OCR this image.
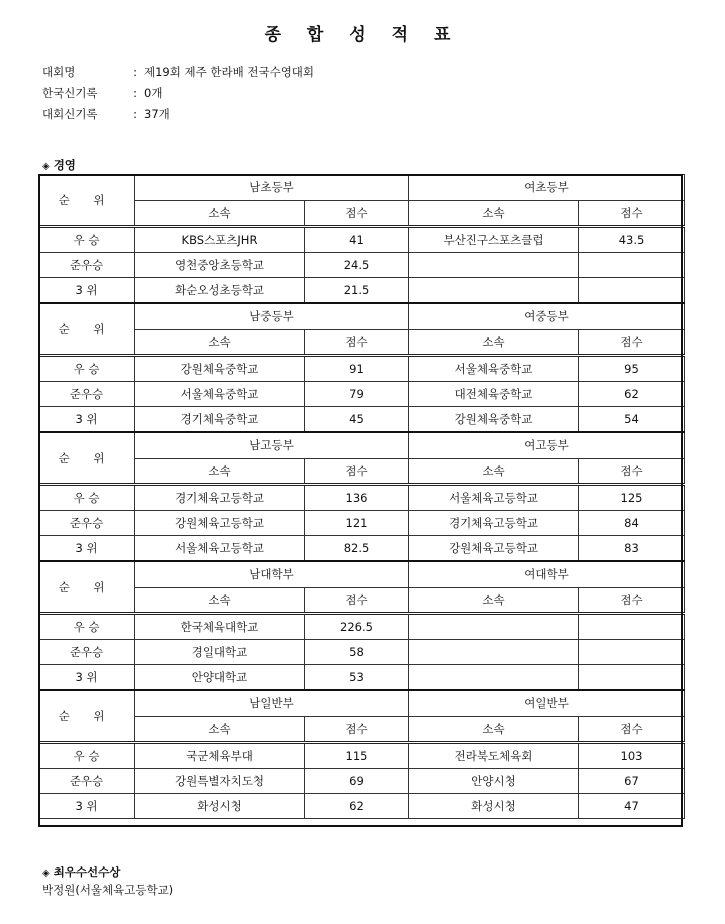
종 합 성 적 표
대회명	: 제19회 제주 한라배 전국수영대회
한국신기록	: 0개
대회신기록	: 37개
◈ 경영
순 위	남초등부		여초등부	
	소속	점수	소속	점수
우 승	KBS스포츠JHR	41	부산진구스포츠클럽	43.5
준우승	영천중앙초등학교	24.5		
3 위	화순오성초등학교	21.5		
순 위	남중등부		여중등부	
	소속	점수	소속	점수
우 승	강원체육중학교	91	서울체육중학교	95
준우승	서울체육중학교	79	대전체육중학교	62
3 위	경기체육중학교	45	강원체육중학교	54
순 위	남고등부		여고등부	
	소속	점수	소속	점수
우 승	경기체육고등학교	136	서울체육고등학교	125
준우승	강원체육고등학교	121	경기체육고등학교	84
3 위	서울체육고등학교	82.5	강원체육고등학교	83
순 위	남대학부		여대학부	
	소속	점수	소속	점수
우 승	한국체육대학교	226.5		
준우승	경일대학교	58		
3 위	안양대학교	53		
순 위	남일반부		여일반부	
	소속	점수	소속	점수
우 승	국군체육부대	115	전라북도체육회	103
준우승	강원특별자치도청	69	안양시청	67
3 위	화성시청	62	화성시청	47
◈ 최우수선수상
박정원(서울체육고등학교)
